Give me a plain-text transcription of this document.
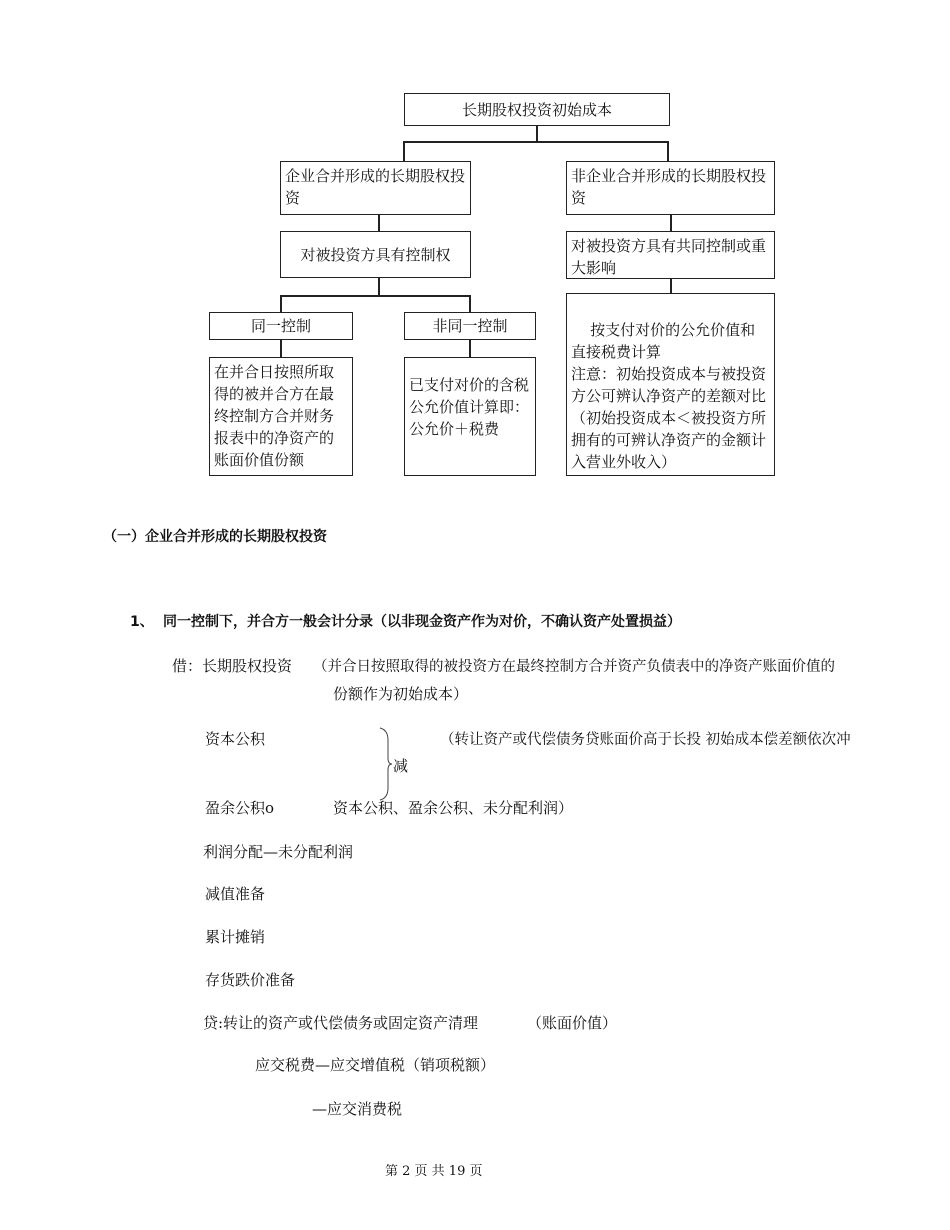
长期股权投资初始成本
企业合并形成的长期股权投资
非企业合并形成的长期股权投资
对被投资方具有控制权	对被投资方具有共同控制或重大影响
同一控制	非同一控制	按支付对价的公允价值和直接税费计算
注意：初始投资成本与被投资方公可辨认净资产的差额对比（初始投资成本＜被投资方所拥有的可辨认净资产的金额计入营业外收入）

在并合日按照所取得的被并合方在最终控制方合并财务报表中的净资产的账面价值份额
已支付对价的含税公允价值计算即：公允价＋税费
（一）企业合并形成的长期股权投资
1、 同一控制下，并合方一般会计分录（以非现金资产作为对价，不确认资产处置损益）
借：长期股权投资 （并合日按照取得的被投资方在最终控制方合并资产负债表中的净资产账面价值的
份额作为初始成本）
资本公积	（转让资产或代偿债务贷账面价高于长投 初始成本偿差额依次冲
减
盈余公积o	资本公积、盈余公积、未分配利润）
利润分配—未分配利润
减值准备
累计摊销
存货跌价准备
贷:转让的资产或代偿债务或固定资产清理	（账面价值）
应交税费—应交增值税（销项税额）
—应交消费税
第 2 页 共 19 页
